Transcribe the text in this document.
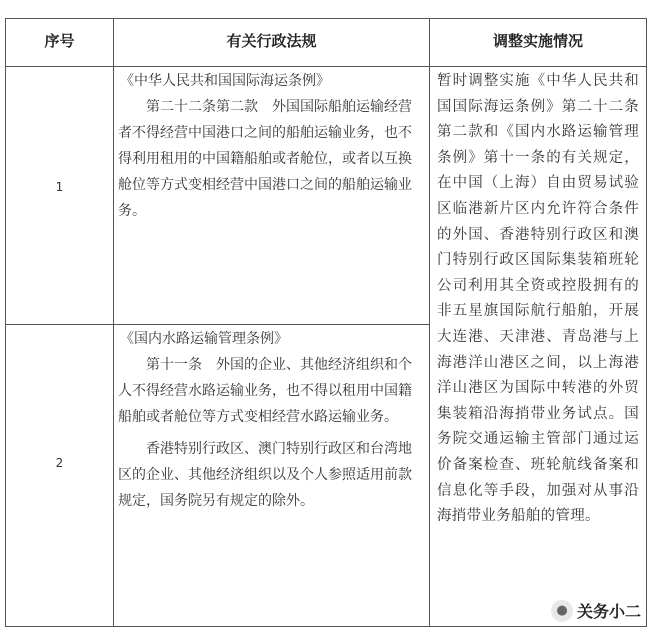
序号	有关行政法规	调整实施情况
1
2

《中华人民共和国国际海运条例》

第二十二条第二款　外国国际船舶运输经营者不得经营中国港口之间的船舶运输业务，也不得利用租用的中国籍船舶或者舱位，或者以互换舱位等方式变相经营中国港口之间的船舶运输业务。

《国内水路运输管理条例》

第十一条　外国的企业、其他经济组织和个人不得经营水路运输业务，也不得以租用中国籍船舶或者舱位等方式变相经营水路运输业务。

香港特别行政区、澳门特别行政区和台湾地区的企业、其他经济组织以及个人参照适用前款规定，国务院另有规定的除外。

暂时调整实施《中华人民共和国国际海运条例》第二十二条第二款和《国内水路运输管理条例》第十一条的有关规定，在中国（上海）自由贸易试验区临港新片区内允许符合条件的外国、香港特别行政区和澳门特别行政区国际集装箱班轮公司利用其全资或控股拥有的非五星旗国际航行船舶，开展大连港、天津港、青岛港与上海港洋山港区之间，以上海港洋山港区为国际中转港的外贸集装箱沿海捎带业务试点。国务院交通运输主管部门通过运价备案检查、班轮航线备案和信息化等手段，加强对从事沿海捎带业务船舶的管理。
● 关务小二
